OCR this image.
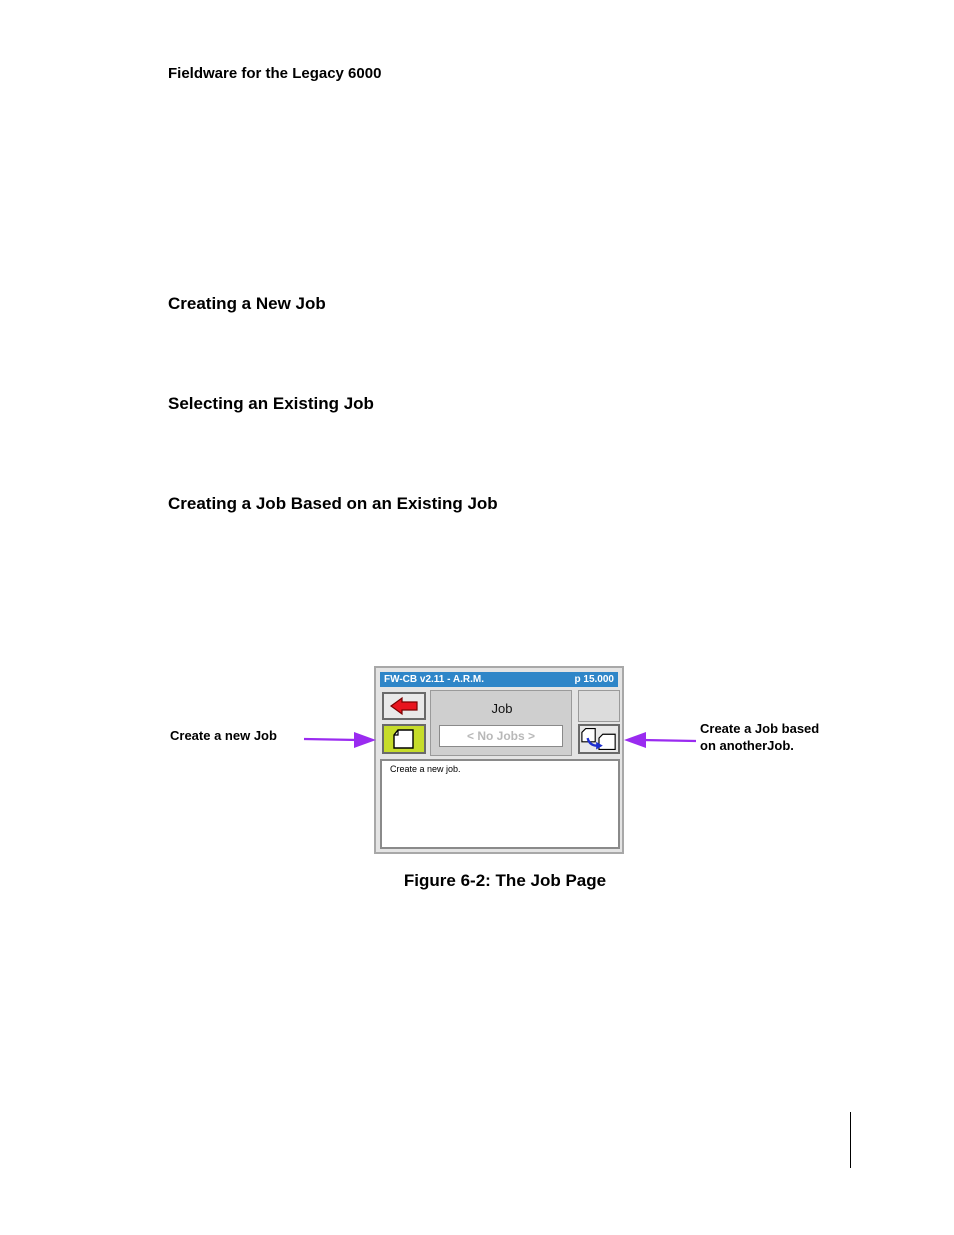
Fieldware for the Legacy 6000
Creating a New Job
Selecting an Existing Job
Creating a Job Based on an Existing Job
FW-CB v2.11 - A.R.M.	p 15.000
Job
< No Jobs >
Create a new job.
Create a new Job	Create a Job based
on anotherJob.
Figure 6-2: The Job Page
